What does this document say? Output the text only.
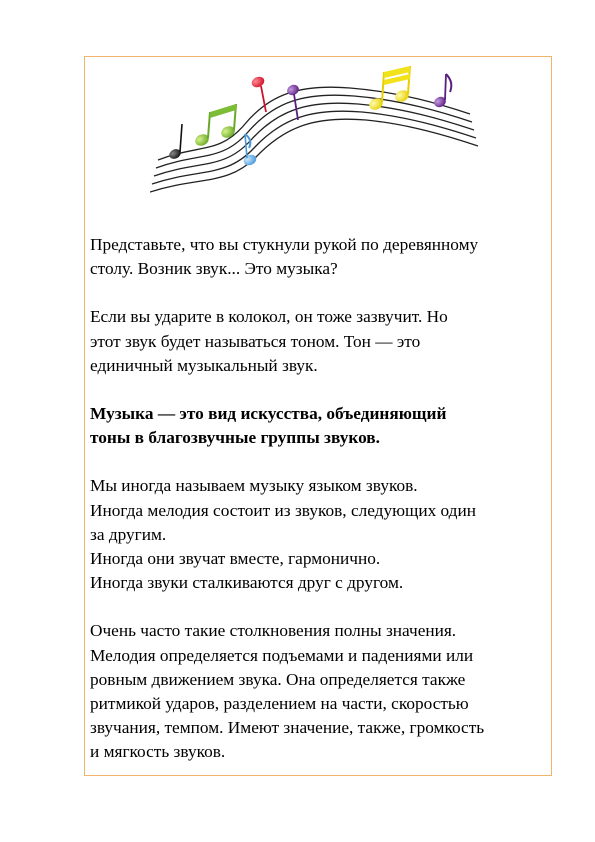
Представьте, что вы стукнули рукой по деревянному
столу. Возник звук... Это музыка?

Если вы ударите в колокол, он тоже зазвучит. Но
этот звук будет называться тоном. Тон — это
единичный музыкальный звук.

Музыка — это вид искусства, объединяющий
тоны в благозвучные группы звуков.

Мы иногда называем музыку языком звуков.
Иногда мелодия состоит из звуков, следующих один
за другим.
Иногда они звучат вместе, гармонично.
Иногда звуки сталкиваются друг с другом.

Очень часто такие столкновения полны значения.
Мелодия определяется подъемами и падениями или
ровным движением звука. Она определяется также
ритмикой ударов, разделением на части, скоростью
звучания, темпом. Имеют значение, также, громкость
и мягкость звуков.
